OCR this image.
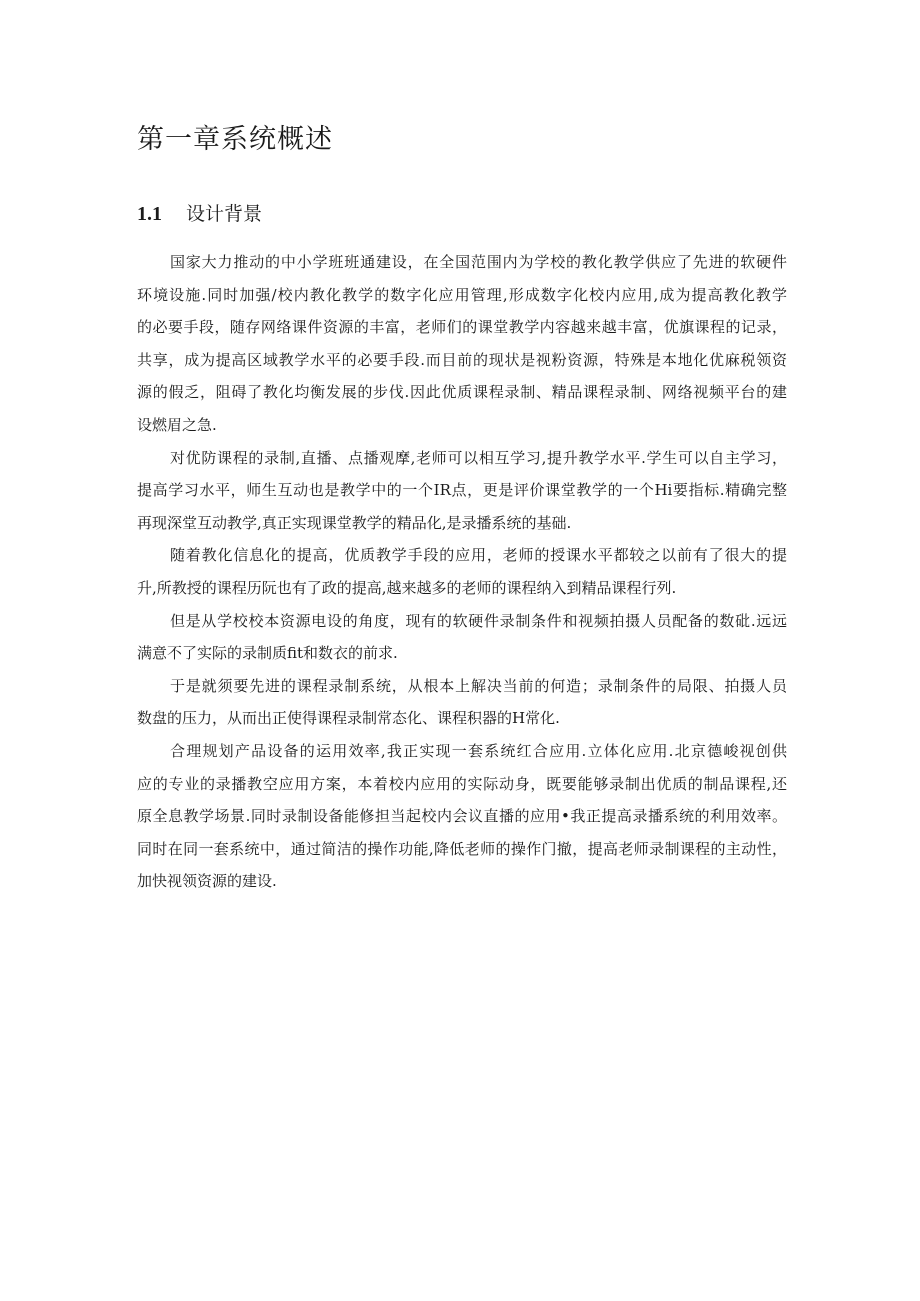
第一章系统概述
1.1 设计背景
国家大力推动的中小学班班通建设，在全国范围内为学校的教化教学供应了先进的软硬件
环境设施.同时加强/校内教化教学的数字化应用管理,形成数字化校内应用,成为提高教化教学
的必要手段，随存网络课件资源的丰富，老师们的课堂教学内容越来越丰富，优旗课程的记录，
共享，成为提高区域教学水平的必要手段.而目前的现状是视粉资源，特殊是本地化优麻税领资
源的假乏，阻碍了教化均衡发展的步伐.因此优质课程录制、精品课程录制、网络视频平台的建
设燃眉之急.
对优防课程的录制,直播、点播观摩,老师可以相互学习,提升教学水平.学生可以自主学习，
提高学习水平，师生互动也是教学中的一个IR点，更是评价课堂教学的一个Hi要指标.精确完整
再现深堂互动教学,真正实现课堂教学的精品化,是录播系统的基础.
随着教化信息化的提高，优质教学手段的应用，老师的授课水平都较之以前有了很大的提
升,所教授的课程历阮也有了政的提高,越来越多的老师的课程纳入到精品课程行列.
但是从学校校本资源电设的角度，现有的软硬件录制条件和视频拍摄人员配备的数砒.远远
满意不了实际的录制质fit和数衣的前求.
于是就须要先进的课程录制系统，从根本上解决当前的何造；录制条件的局限、拍摄人员
数盘的压力，从而出正使得课程录制常态化、课程积器的H常化.
合理规划产品设备的运用效率,我正实现一套系统红合应用.立体化应用.北京德峻视创供
应的专业的录播教空应用方案，本着校内应用的实际动身，既要能够录制出优质的制品课程,还
原全息教学场景.同时录制设备能修担当起校内会议直播的应用•我正提高录播系统的利用效率。
同时在同一套系统中，通过简洁的操作功能,降低老师的操作门撤，提高老师录制课程的主动性，
加快视领资源的建设.
